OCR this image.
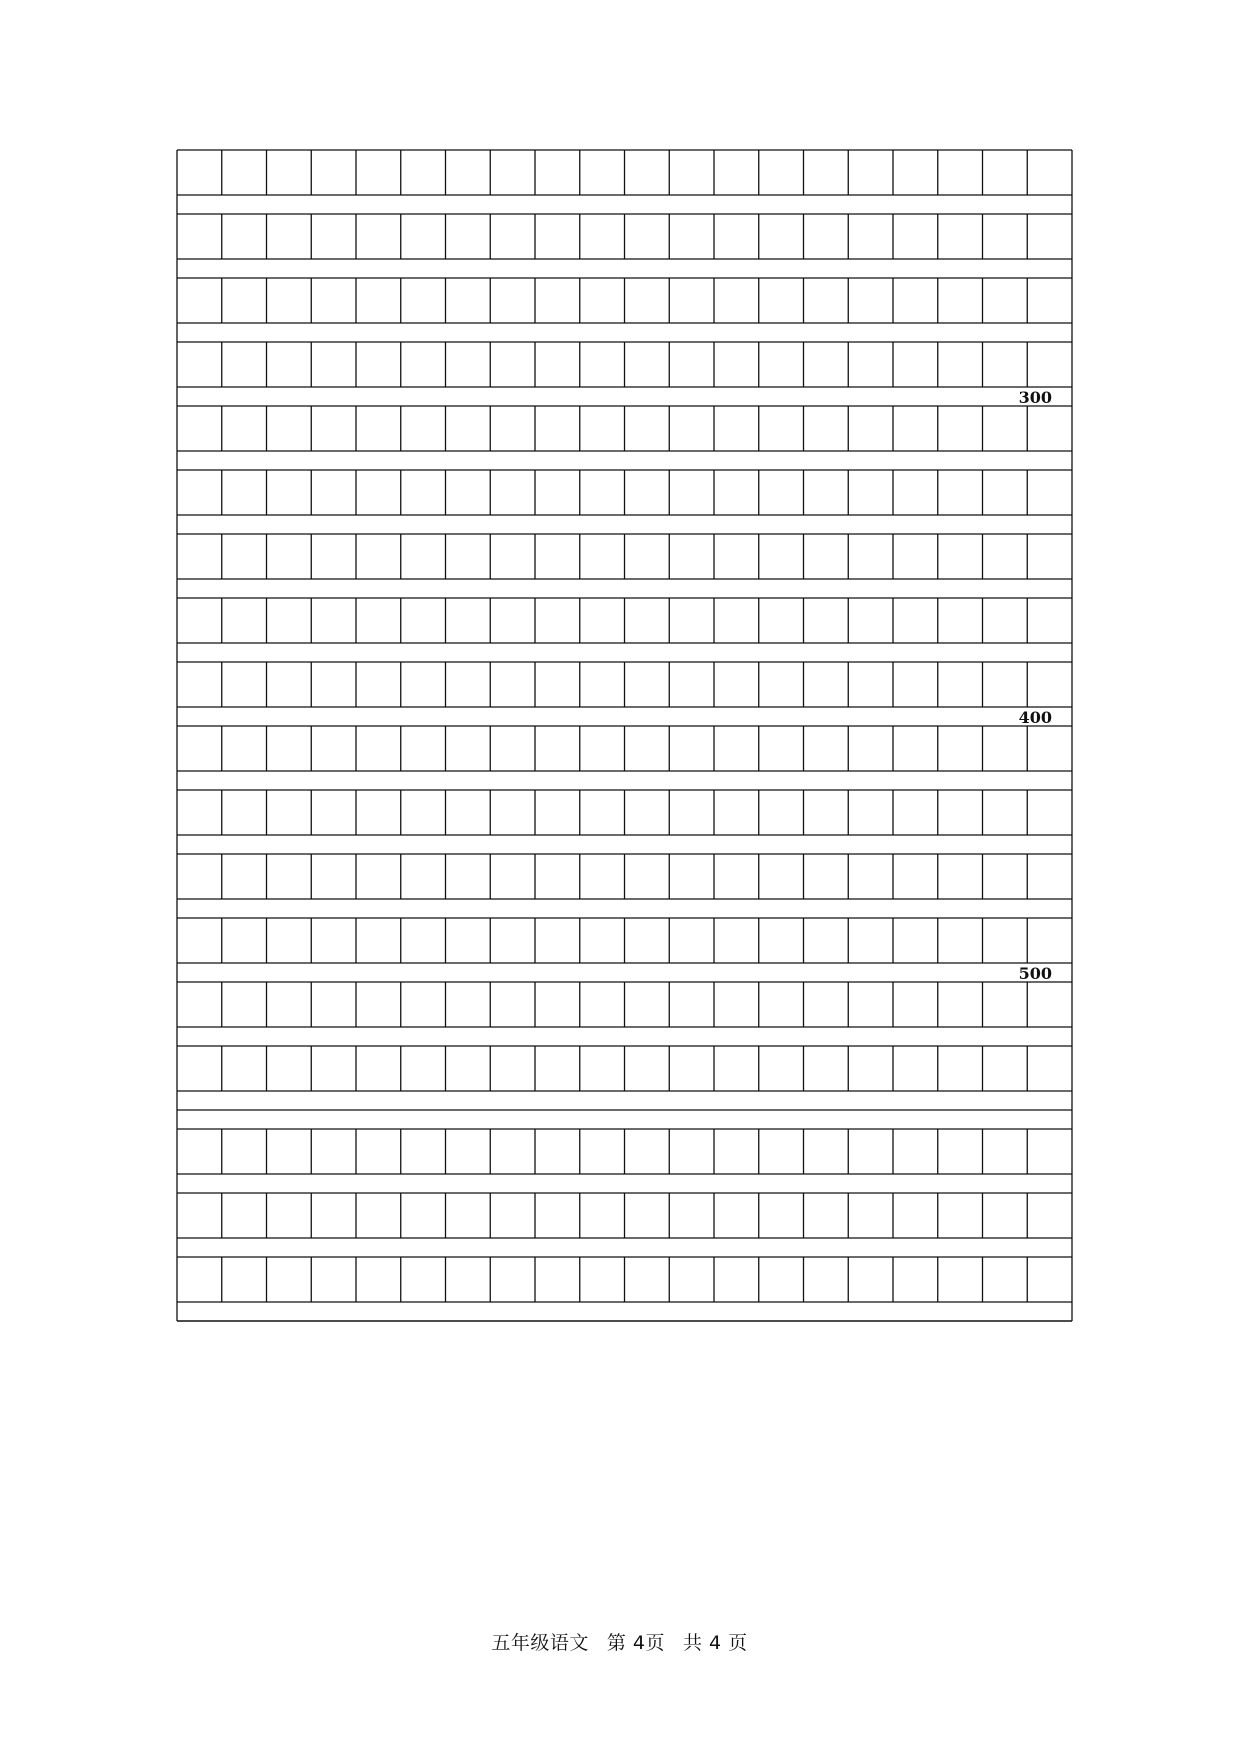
300
400
500
五年级语文 第 4页 共 4 页
